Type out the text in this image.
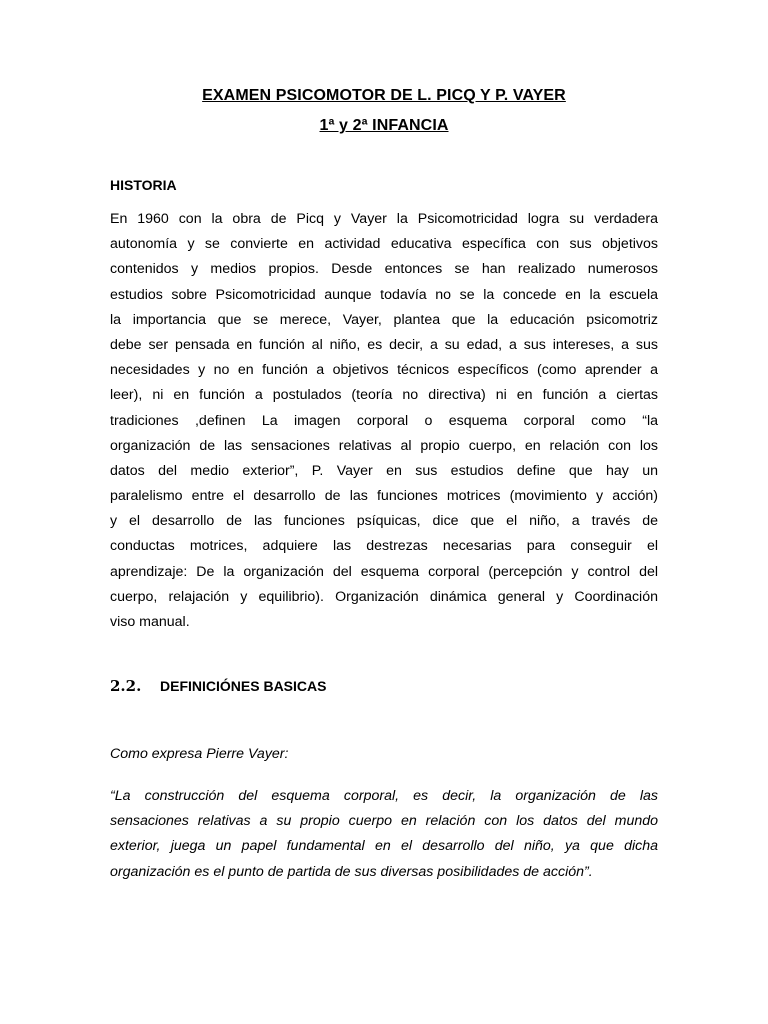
EXAMEN PSICOMOTOR DE L. PICQ Y P. VAYER
1ª y 2ª INFANCIA
HISTORIA
En 1960 con la obra de Picq y Vayer la Psicomotricidad logra su verdadera
autonomía y se convierte en actividad educativa específica con sus objetivos
contenidos y medios propios. Desde entonces se han realizado numerosos
estudios sobre Psicomotricidad aunque todavía no se la concede en la escuela
la importancia que se merece, Vayer, plantea que la educación psicomotriz
debe ser pensada en función al niño, es decir, a su edad, a sus intereses, a sus
necesidades y no en función a objetivos técnicos específicos (como aprender a
leer), ni en función a postulados (teoría no directiva) ni en función a ciertas
tradiciones ,definen La imagen corporal o esquema corporal como “la
organización de las sensaciones relativas al propio cuerpo, en relación con los
datos del medio exterior”, P. Vayer en sus estudios define que hay un
paralelismo entre el desarrollo de las funciones motrices (movimiento y acción)
y el desarrollo de las funciones psíquicas, dice que el niño, a través de
conductas motrices, adquiere las destrezas necesarias para conseguir el
aprendizaje: De la organización del esquema corporal (percepción y control del
cuerpo, relajación y equilibrio). Organización dinámica general y Coordinación
viso manual.
2.2. DEFINICIÓNES BASICAS
Como expresa Pierre Vayer:
“La construcción del esquema corporal, es decir, la organización de las
sensaciones relativas a su propio cuerpo en relación con los datos del mundo
exterior, juega un papel fundamental en el desarrollo del niño, ya que dicha
organización es el punto de partida de sus diversas posibilidades de acción”.
